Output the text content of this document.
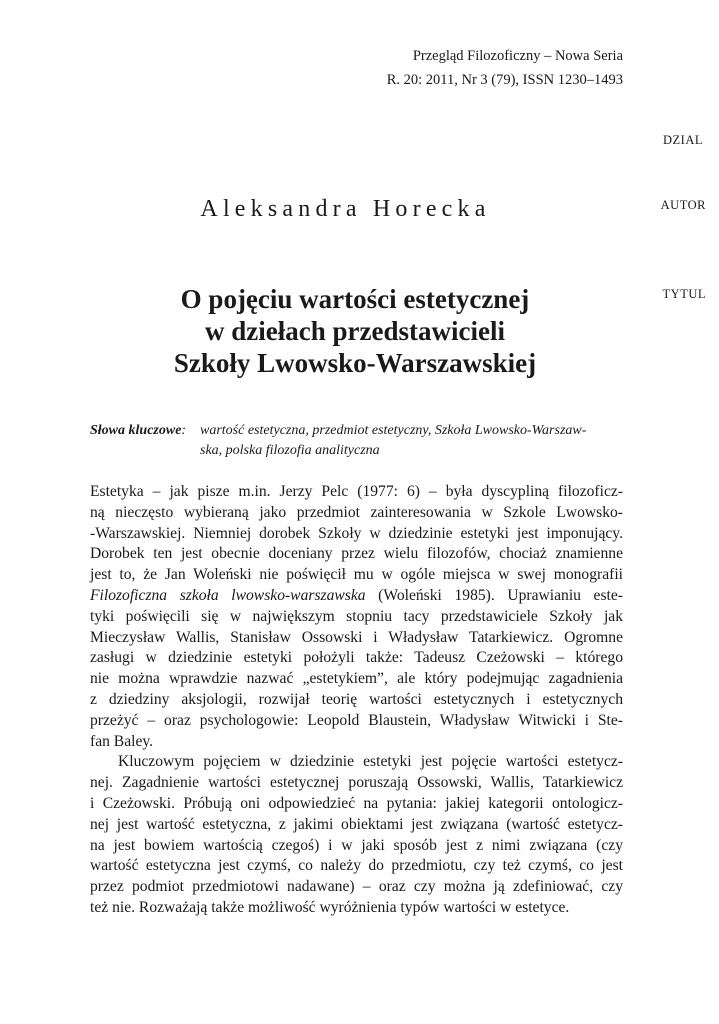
Przegląd Filozoficzny – Nowa Seria
R. 20: 2011, Nr 3 (79), ISSN 1230–1493
DZIAL
AUTOR
TYTUL
Aleksandra Horecka
O pojęciu wartości estetycznej
w dziełach przedstawicieli
Szkoły Lwowsko-Warszawskiej
Słowa kluczowe: wartość estetyczna, przedmiot estetyczny, Szkoła Lwowsko-Warszaw-
ska, polska filozofia analityczna
Estetyka – jak pisze m.in. Jerzy Pelc (1977: 6) – była dyscypliną filozoficz-
ną nieczęsto wybieraną jako przedmiot zainteresowania w Szkole Lwowsko-
-Warszawskiej. Niemniej dorobek Szkoły w dziedzinie estetyki jest imponujący.
Dorobek ten jest obecnie doceniany przez wielu filozofów, chociaż znamienne
jest to, że Jan Woleński nie poświęcił mu w ogóle miejsca w swej monografii
Filozoficzna szkoła lwowsko-warszawska (Woleński 1985). Uprawianiu este-
tyki poświęcili się w największym stopniu tacy przedstawiciele Szkoły jak
Mieczysław Wallis, Stanisław Ossowski i Władysław Tatarkiewicz. Ogromne
zasługi w dziedzinie estetyki położyli także: Tadeusz Czeżowski – którego
nie można wprawdzie nazwać „estetykiem”, ale który podejmując zagadnienia
z dziedziny aksjologii, rozwijał teorię wartości estetycznych i estetycznych
przeżyć – oraz psychologowie: Leopold Blaustein, Władysław Witwicki i Ste-
fan Baley.
Kluczowym pojęciem w dziedzinie estetyki jest pojęcie wartości estetycz-
nej. Zagadnienie wartości estetycznej poruszają Ossowski, Wallis, Tatarkiewicz
i Czeżowski. Próbują oni odpowiedzieć na pytania: jakiej kategorii ontologicz-
nej jest wartość estetyczna, z jakimi obiektami jest związana (wartość estetycz-
na jest bowiem wartością czegoś) i w jaki sposób jest z nimi związana (czy
wartość estetyczna jest czymś, co należy do przedmiotu, czy też czymś, co jest
przez podmiot przedmiotowi nadawane) – oraz czy można ją zdefiniować, czy
też nie. Rozważają także możliwość wyróżnienia typów wartości w estetyce.
